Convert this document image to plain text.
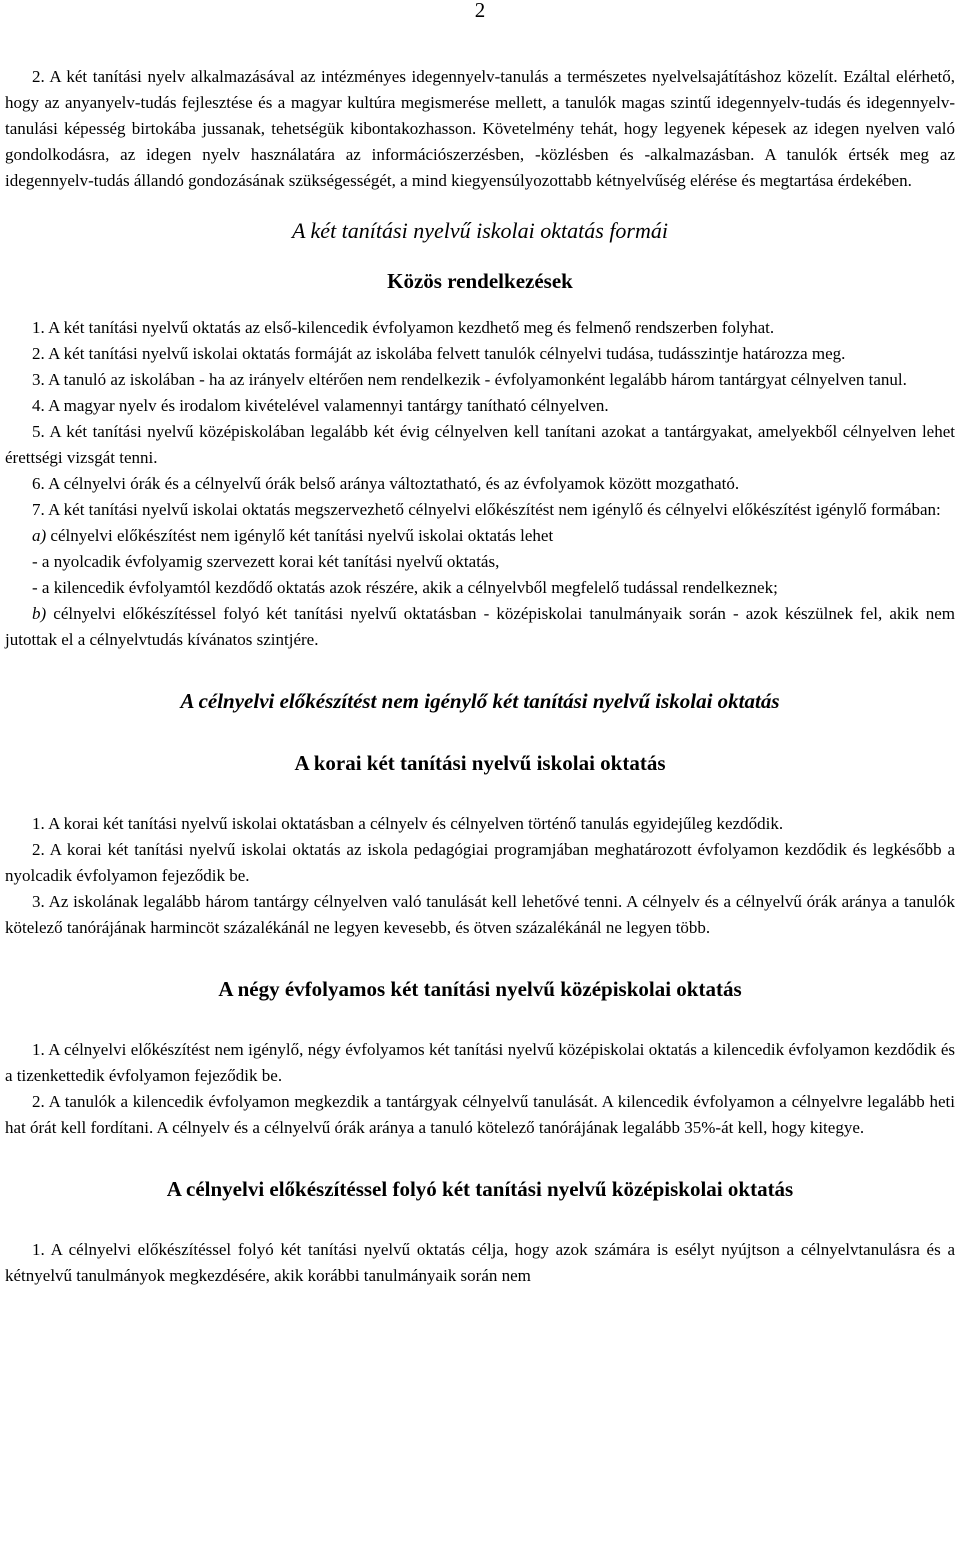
2

2. A két tanítási nyelv alkalmazásával az intézményes idegennyelv-tanulás a természetes nyelvelsajátításhoz közelít. Ezáltal elérhető, hogy az anyanyelv-tudás fejlesztése és a magyar kultúra megismerése mellett, a tanulók magas szintű idegennyelv-tudás és idegennyelv-tanulási képesség birtokába jussanak, tehetségük kibontakozhasson. Követelmény tehát, hogy legyenek képesek az idegen nyelven való gondolkodásra, az idegen nyelv használatára az információszerzésben, -közlésben és -alkalmazásban. A tanulók értsék meg az idegennyelv-tudás állandó gondozásának szükségességét, a mind kiegyensúlyozottabb kétnyelvűség elérése és megtartása érdekében.

A két tanítási nyelvű iskolai oktatás formái
Közös rendelkezések

1. A két tanítási nyelvű oktatás az első-kilencedik évfolyamon kezdhető meg és felmenő rendszerben folyhat.

2. A két tanítási nyelvű iskolai oktatás formáját az iskolába felvett tanulók célnyelvi tudása, tudásszintje határozza meg.

3. A tanuló az iskolában - ha az irányelv eltérően nem rendelkezik - évfolyamonként legalább három tantárgyat célnyelven tanul.

4. A magyar nyelv és irodalom kivételével valamennyi tantárgy tanítható célnyelven.

5. A két tanítási nyelvű középiskolában legalább két évig célnyelven kell tanítani azokat a tantárgyakat, amelyekből célnyelven lehet érettségi vizsgát tenni.

6. A célnyelvi órák és a célnyelvű órák belső aránya változtatható, és az évfolyamok között mozgatható.

7. A két tanítási nyelvű iskolai oktatás megszervezhető célnyelvi előkészítést nem igénylő és célnyelvi előkészítést igénylő formában:

a) célnyelvi előkészítést nem igénylő két tanítási nyelvű iskolai oktatás lehet

- a nyolcadik évfolyamig szervezett korai két tanítási nyelvű oktatás,

- a kilencedik évfolyamtól kezdődő oktatás azok részére, akik a célnyelvből megfelelő tudással rendelkeznek;

b) célnyelvi előkészítéssel folyó két tanítási nyelvű oktatásban - középiskolai tanulmányaik során - azok készülnek fel, akik nem jutottak el a célnyelvtudás kívánatos szintjére.

A célnyelvi előkészítést nem igénylő két tanítási nyelvű iskolai oktatás
A korai két tanítási nyelvű iskolai oktatás

1. A korai két tanítási nyelvű iskolai oktatásban a célnyelv és célnyelven történő tanulás egyidejűleg kezdődik.

2. A korai két tanítási nyelvű iskolai oktatás az iskola pedagógiai programjában meghatározott évfolyamon kezdődik és legkésőbb a nyolcadik évfolyamon fejeződik be.

3. Az iskolának legalább három tantárgy célnyelven való tanulását kell lehetővé tenni. A célnyelv és a célnyelvű órák aránya a tanulók kötelező tanórájának harmincöt százalékánál ne legyen kevesebb, és ötven százalékánál ne legyen több.

A négy évfolyamos két tanítási nyelvű középiskolai oktatás

1. A célnyelvi előkészítést nem igénylő, négy évfolyamos két tanítási nyelvű középiskolai oktatás a kilencedik évfolyamon kezdődik és a tizenkettedik évfolyamon fejeződik be.

2. A tanulók a kilencedik évfolyamon megkezdik a tantárgyak célnyelvű tanulását. A kilencedik évfolyamon a célnyelvre legalább heti hat órát kell fordítani. A célnyelv és a célnyelvű órák aránya a tanuló kötelező tanórájának legalább 35%-át kell, hogy kitegye.

A célnyelvi előkészítéssel folyó két tanítási nyelvű középiskolai oktatás

1. A célnyelvi előkészítéssel folyó két tanítási nyelvű oktatás célja, hogy azok számára is esélyt nyújtson a célnyelvtanulásra és a kétnyelvű tanulmányok megkezdésére, akik korábbi tanulmányaik során nem
